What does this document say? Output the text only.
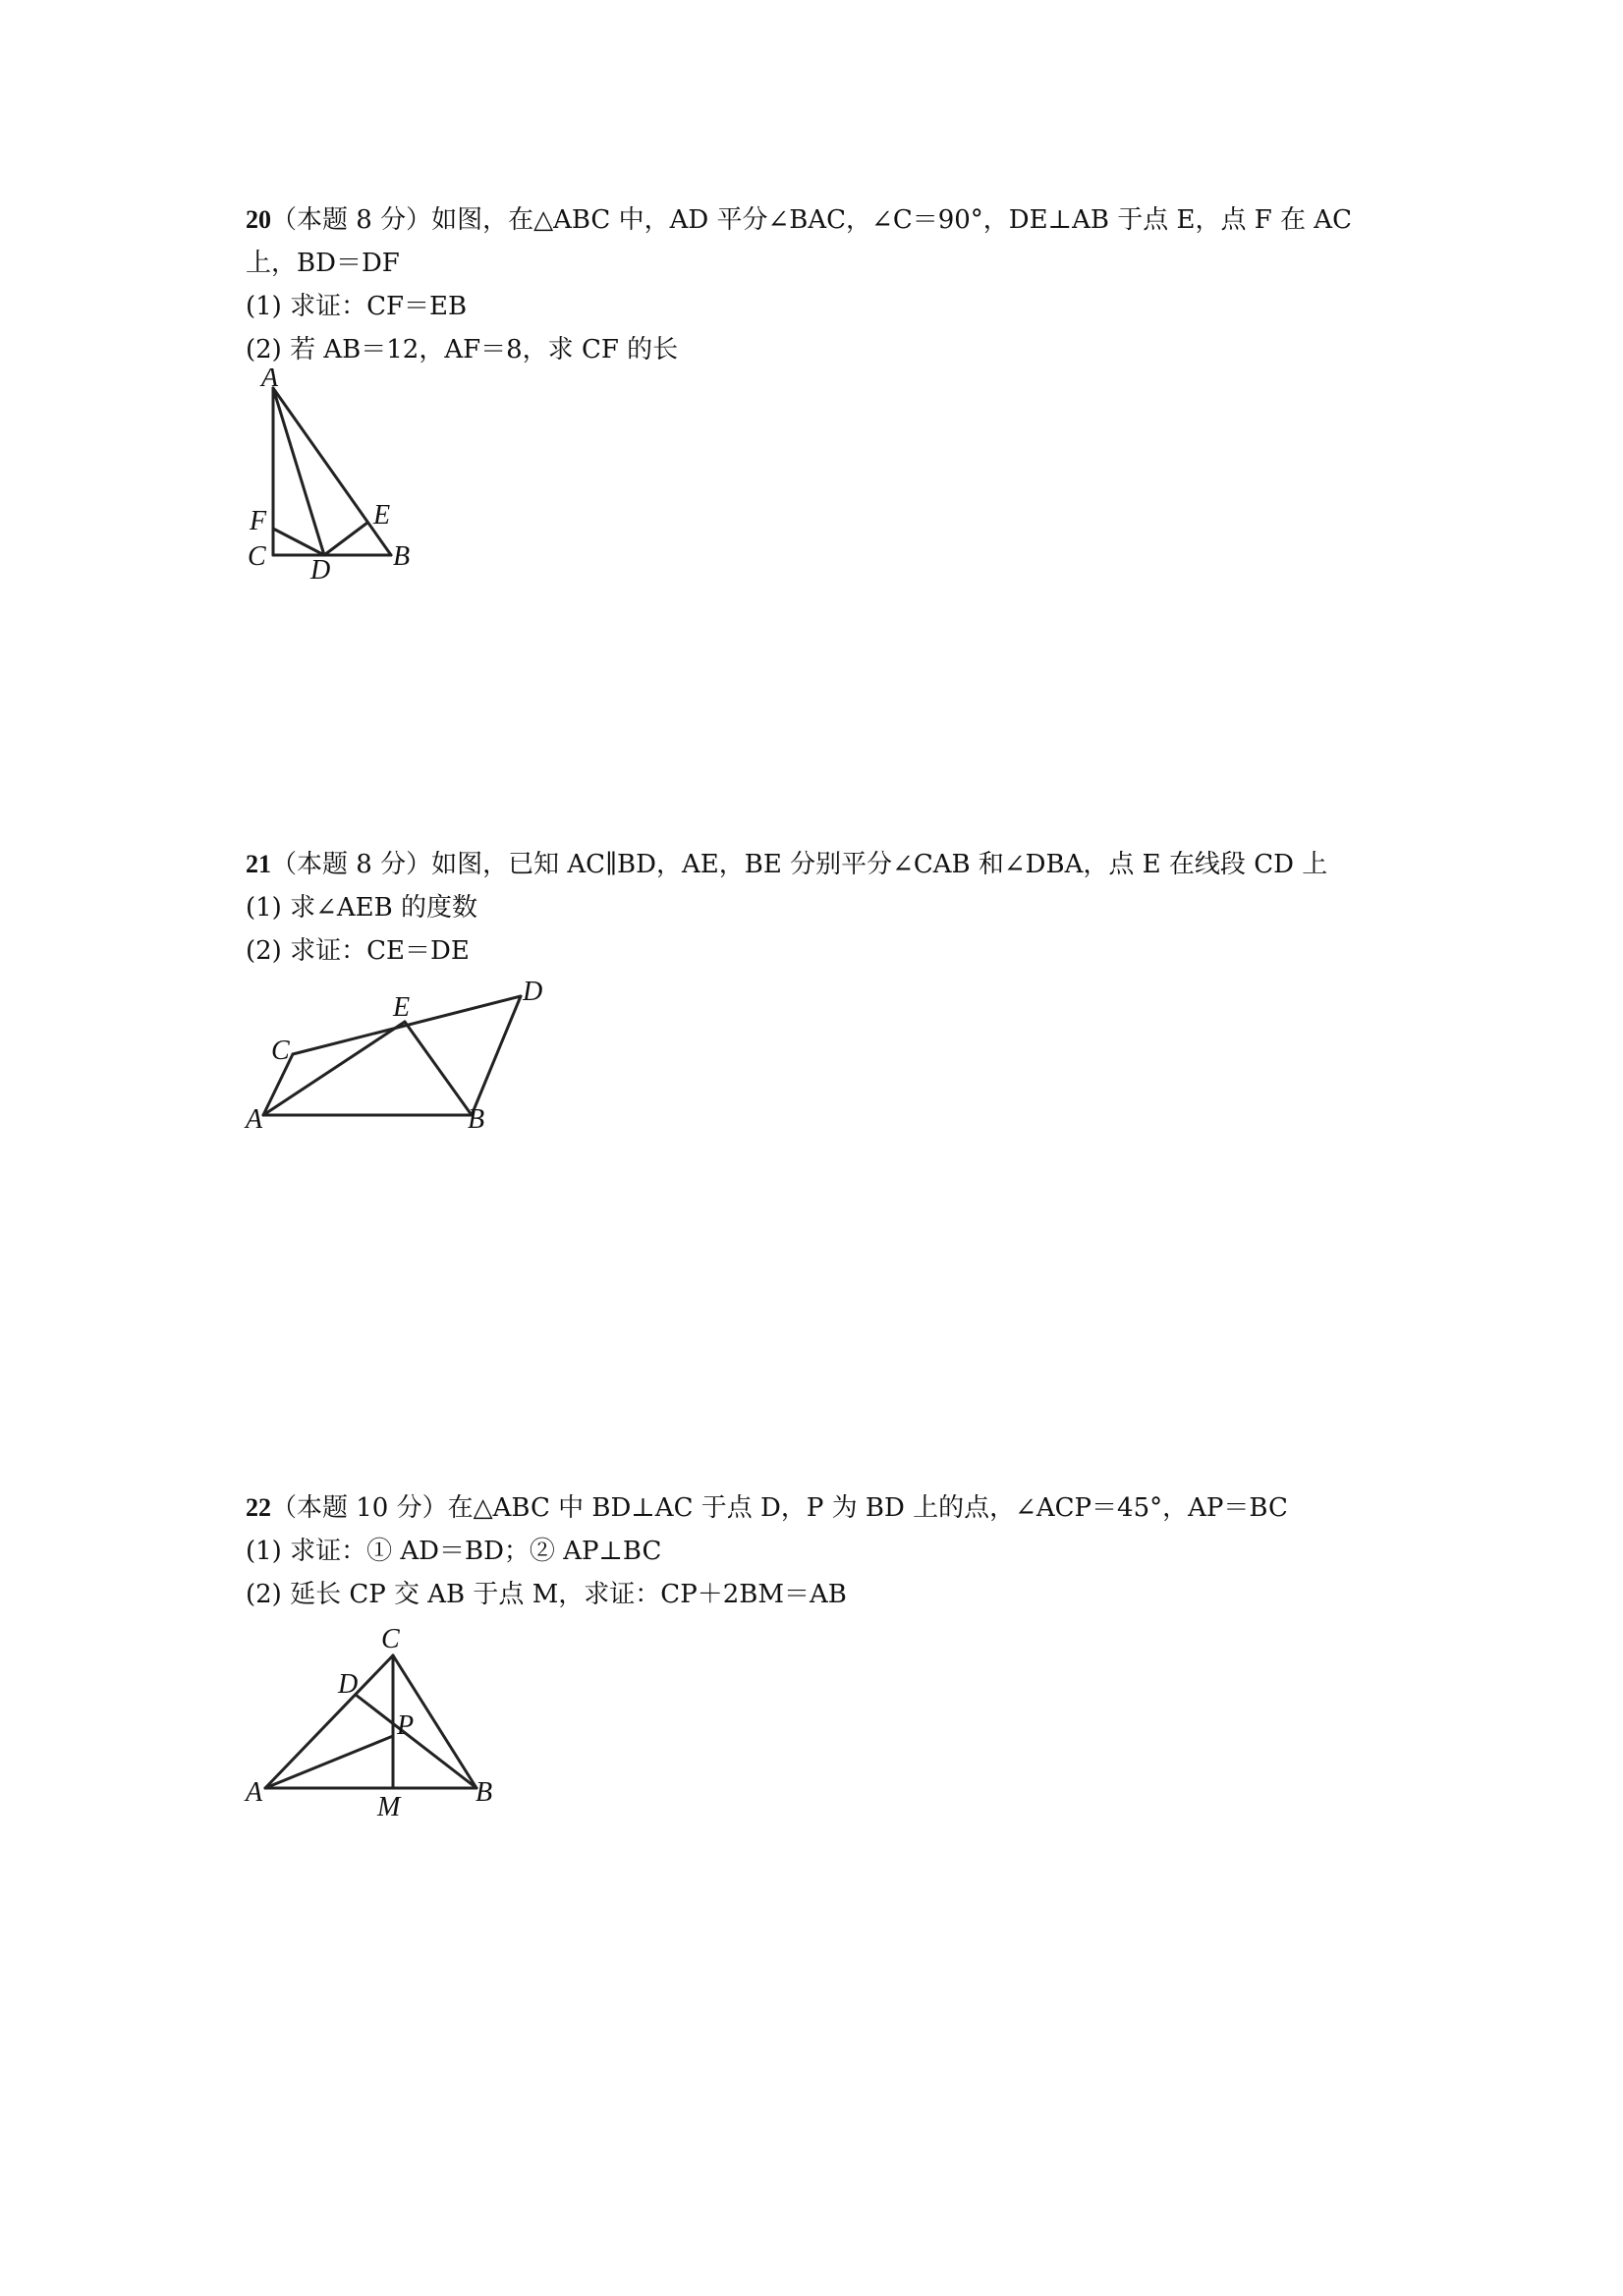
20（本题 8 分）如图，在△ABC 中，AD 平分∠BAC，∠C＝90°，DE⊥AB 于点 E，点 F 在 AC
上，BD＝DF
(1) 求证：CF＝EB
(2) 若 AB＝12，AF＝8，求 CF 的长
A
F	E
C D B
21（本题 8 分）如图，已知 AC∥BD，AE，BE 分别平分∠CAB 和∠DBA，点 E 在线段 CD 上
(1) 求∠AEB 的度数
(2) 求证：CE＝DE
C
E
D
A	B
22（本题 10 分）在△ABC 中 BD⊥AC 于点 D，P 为 BD 上的点，∠ACP＝45°，AP＝BC
(1) 求证：① AD＝BD；② AP⊥BC
(2) 延长 CP 交 AB 于点 M，求证：CP＋2BM＝AB
C
D
P
A	M	B
